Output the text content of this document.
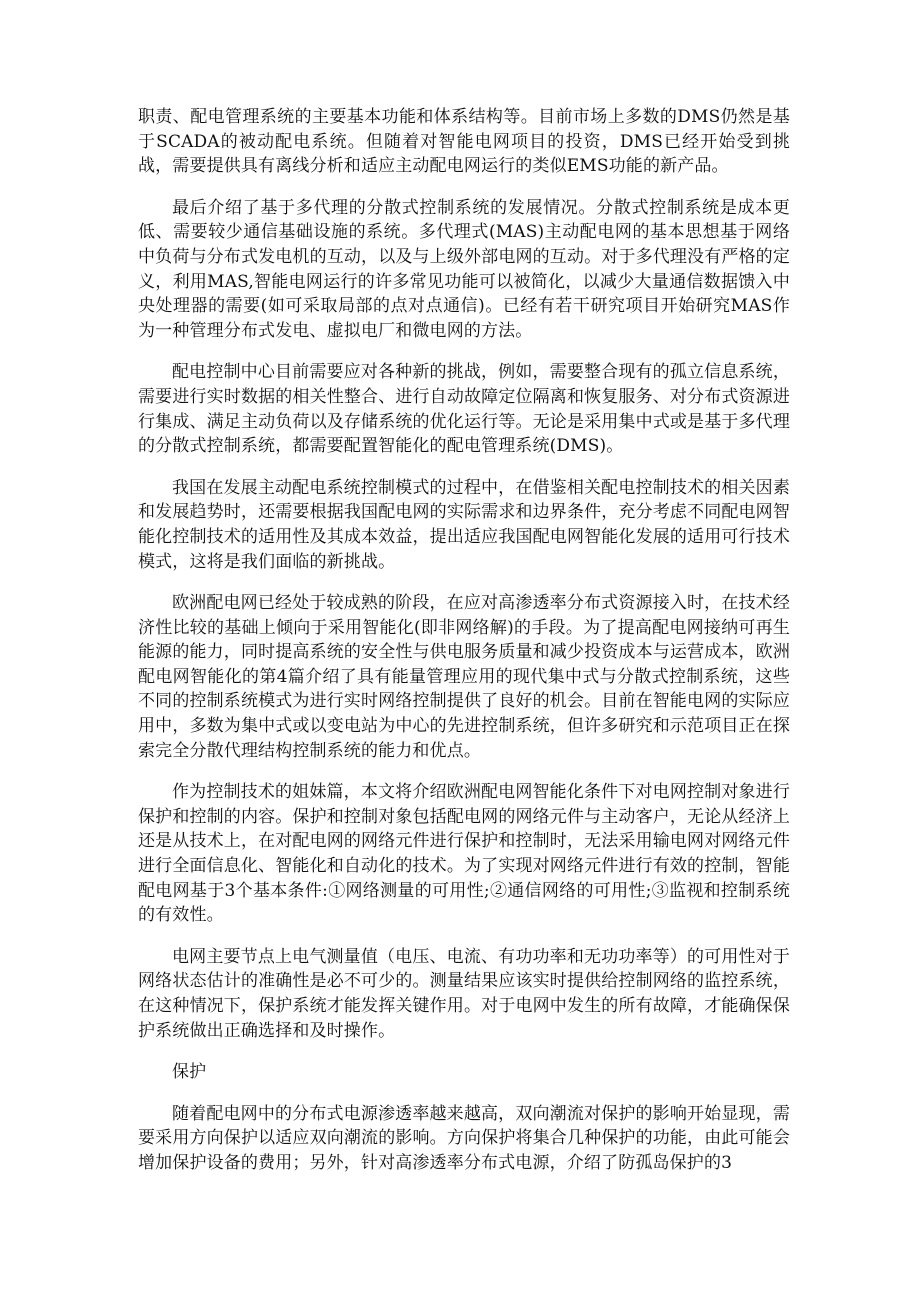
职责、配电管理系统的主要基本功能和体系结构等。目前市场上多数的DMS仍然是基于SCADA的被动配电系统。但随着对智能电网项目的投资，DMS已经开始受到挑战，需要提供具有离线分析和适应主动配电网运行的类似EMS功能的新产品。

最后介绍了基于多代理的分散式控制系统的发展情况。分散式控制系统是成本更低、需要较少通信基础设施的系统。多代理式(MAS)主动配电网的基本思想基于网络中负荷与分布式发电机的互动，以及与上级外部电网的互动。对于多代理没有严格的定义，利用MAS,智能电网运行的许多常见功能可以被简化，以减少大量通信数据馈入中央处理器的需要(如可采取局部的点对点通信)。已经有若干研究项目开始研究MAS作为一种管理分布式发电、虚拟电厂和微电网的方法。

配电控制中心目前需要应对各种新的挑战，例如，需要整合现有的孤立信息系统，需要进行实时数据的相关性整合、进行自动故障定位隔离和恢复服务、对分布式资源进行集成、满足主动负荷以及存储系统的优化运行等。无论是采用集中式或是基于多代理的分散式控制系统，都需要配置智能化的配电管理系统(DMS)。

我国在发展主动配电系统控制模式的过程中，在借鉴相关配电控制技术的相关因素和发展趋势时，还需要根据我国配电网的实际需求和边界条件，充分考虑不同配电网智能化控制技术的适用性及其成本效益，提出适应我国配电网智能化发展的适用可行技术模式，这将是我们面临的新挑战。

欧洲配电网已经处于较成熟的阶段，在应对高渗透率分布式资源接入时，在技术经济性比较的基础上倾向于采用智能化(即非网络解)的手段。为了提高配电网接纳可再生能源的能力，同时提高系统的安全性与供电服务质量和减少投资成本与运营成本，欧洲配电网智能化的第4篇介绍了具有能量管理应用的现代集中式与分散式控制系统，这些不同的控制系统模式为进行实时网络控制提供了良好的机会。目前在智能电网的实际应用中，多数为集中式或以变电站为中心的先进控制系统，但许多研究和示范项目正在探索完全分散代理结构控制系统的能力和优点。

作为控制技术的姐妹篇，本文将介绍欧洲配电网智能化条件下对电网控制对象进行保护和控制的内容。保护和控制对象包括配电网的网络元件与主动客户，无论从经济上还是从技术上，在对配电网的网络元件进行保护和控制时，无法采用输电网对网络元件进行全面信息化、智能化和自动化的技术。为了实现对网络元件进行有效的控制，智能配电网基于3个基本条件:①网络测量的可用性;②通信网络的可用性;③监视和控制系统的有效性。

电网主要节点上电气测量值（电压、电流、有功功率和无功功率等）的可用性对于网络状态估计的准确性是必不可少的。测量结果应该实时提供给控制网络的监控系统，在这种情况下，保护系统才能发挥关键作用。对于电网中发生的所有故障，才能确保保护系统做出正确选择和及时操作。

保护

随着配电网中的分布式电源渗透率越来越高，双向潮流对保护的影响开始显现，需要采用方向保护以适应双向潮流的影响。方向保护将集合几种保护的功能，由此可能会增加保护设备的费用；另外，针对高渗透率分布式电源，介绍了防孤岛保护的3
